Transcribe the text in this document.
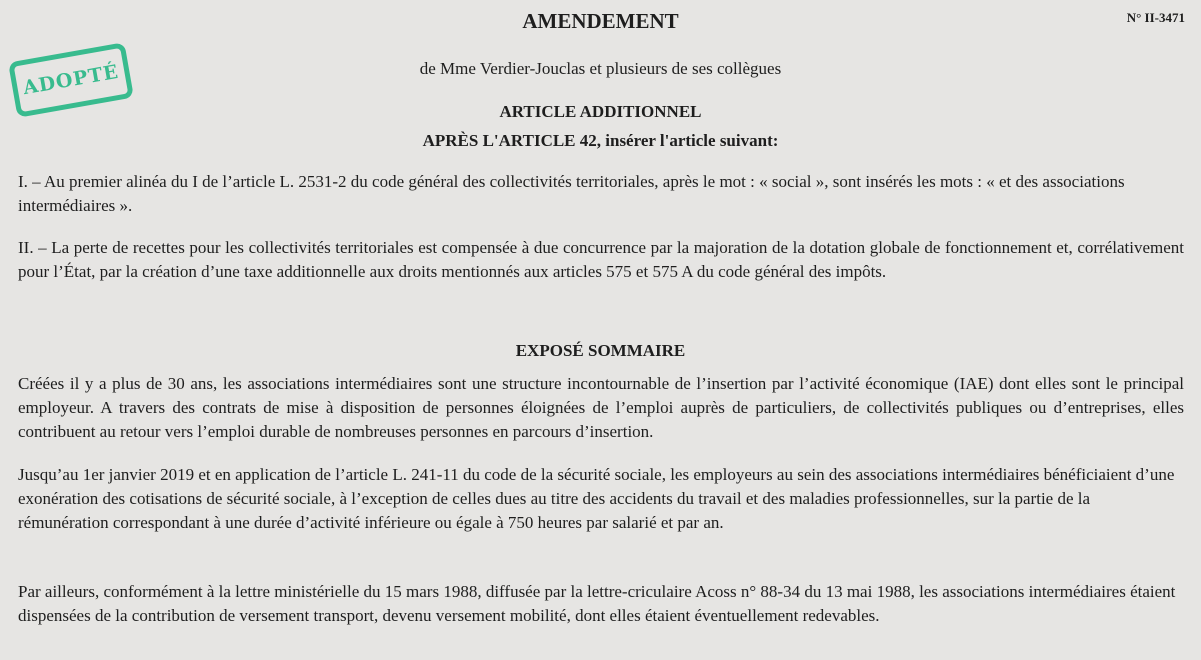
AMENDEMENT	N° II-3471
ADOPTÉ	de Mme Verdier-Jouclas et plusieurs de ses collègues
ARTICLE ADDITIONNEL
APRÈS L'ARTICLE 42, insérer l'article suivant:

I. – Au premier alinéa du I de l’article L. 2531-2 du code général des collectivités territoriales, après le mot : « social », sont insérés les mots : « et des associations intermédiaires ».

II. – La perte de recettes pour les collectivités territoriales est compensée à due concurrence par la majoration de la dotation globale de fonctionnement et, corrélativement pour l’État, par la création d’une taxe additionnelle aux droits mentionnés aux articles 575 et 575 A du code général des impôts.

EXPOSÉ SOMMAIRE

Créées il y a plus de 30 ans, les associations intermédiaires sont une structure incontournable de l’insertion par l’activité économique (IAE) dont elles sont le principal employeur. A travers des contrats de mise à disposition de personnes éloignées de l’emploi auprès de particuliers, de collectivités publiques ou d’entreprises, elles contribuent au retour vers l’emploi durable de nombreuses personnes en parcours d’insertion.

Jusqu’au 1er janvier 2019 et en application de l’article L. 241-11 du code de la sécurité sociale, les employeurs au sein des associations intermédiaires bénéficiaient d’une exonération des cotisations de sécurité sociale, à l’exception de celles dues au titre des accidents du travail et des maladies professionnelles, sur la partie de la rémunération correspondant à une durée d’activité inférieure ou égale à 750 heures par salarié et par an.

Par ailleurs, conformément à la lettre ministérielle du 15 mars 1988, diffusée par la lettre-criculaire Acoss n° 88-34 du 13 mai 1988, les associations intermédiaires étaient dispensées de la contribution de versement transport, devenu versement mobilité, dont elles étaient éventuellement redevables.
